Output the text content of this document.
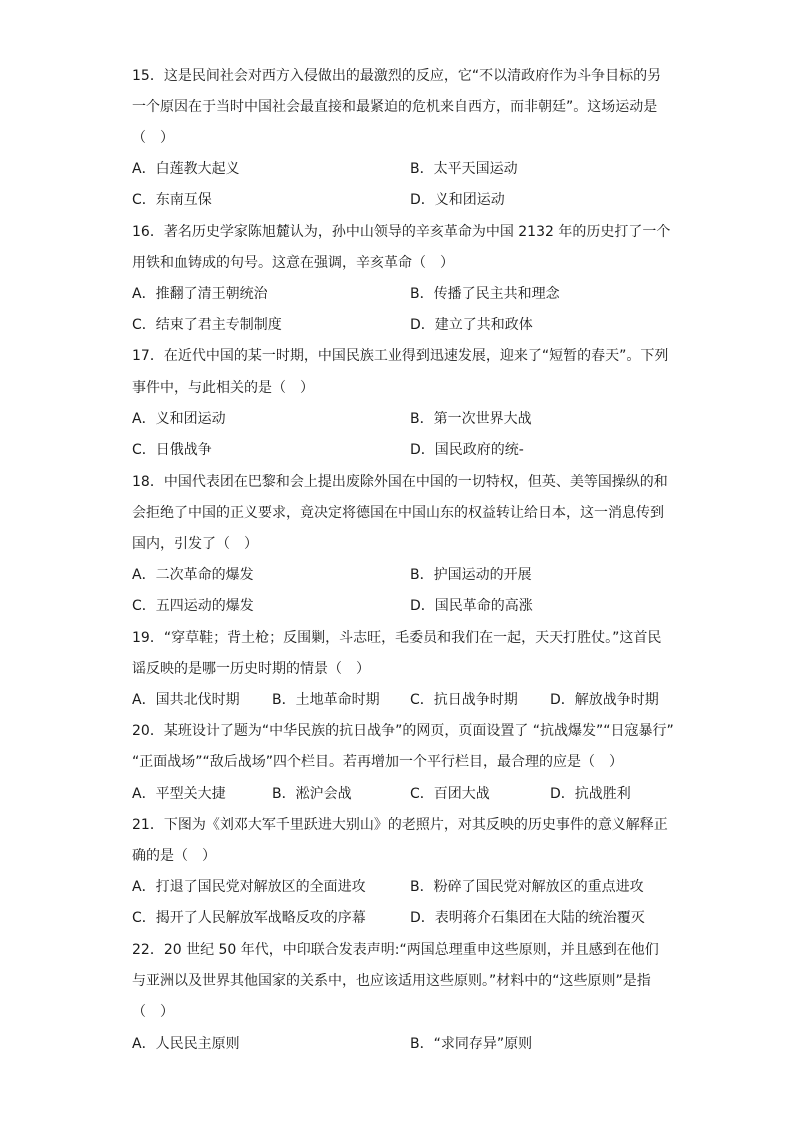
15．这是民间社会对西方入侵做出的最激烈的反应，它“不以清政府作为斗争目标的另
一个原因在于当时中国社会最直接和最紧迫的危机来自西方，而非朝廷”。这场运动是
（　）
A．白莲教大起义	B．太平天国运动
C．东南互保	D．义和团运动
16．著名历史学家陈旭麓认为，孙中山领导的辛亥革命为中国 2132 年的历史打了一个
用铁和血铸成的句号。这意在强调，辛亥革命（　）
A．推翻了清王朝统治	B．传播了民主共和理念
C．结束了君主专制制度	D．建立了共和政体
17．在近代中国的某一时期，中国民族工业得到迅速发展，迎来了“短暂的春天”。下列
事件中，与此相关的是（　）
A．义和团运动	B．第一次世界大战
C．日俄战争	D．国民政府的统-
18．中国代表团在巴黎和会上提出废除外国在中国的一切特权，但英、美等国操纵的和
会拒绝了中国的正义要求，竟决定将德国在中国山东的权益转让给日本，这一消息传到
国内，引发了（　）
A．二次革命的爆发	B．护国运动的开展
C．五四运动的爆发	D．国民革命的高涨
19．“穿草鞋；背土枪；反围剿，斗志旺，毛委员和我们在一起，天天打胜仗。”这首民
谣反映的是哪一历史时期的情景（　）
A．国共北伐时期 B．土地革命时期 C．抗日战争时期 D．解放战争时期
20．某班设计了题为“中华民族的抗日战争”的网页，页面设置了 “抗战爆发”“日寇暴行”
“正面战场”“敌后战场”四个栏目。若再增加一个平行栏目，最合理的应是（　）
A．平型关大捷	B．淞沪会战	C．百团大战	D．抗战胜利
21．下图为《刘邓大军千里跃进大别山》的老照片，对其反映的历史事件的意义解释正
确的是（　）
A．打退了国民党对解放区的全面进攻	B．粉碎了国民党对解放区的重点进攻
C．揭开了人民解放军战略反攻的序幕	D．表明蒋介石集团在大陆的统治覆灭
22．20 世纪 50 年代，中印联合发表声明:“两国总理重申这些原则，并且感到在他们
与亚洲以及世界其他国家的关系中，也应该适用这些原则。”材料中的“这些原则”是指
（　）
A．人民民主原则	B．“求同存异”原则
